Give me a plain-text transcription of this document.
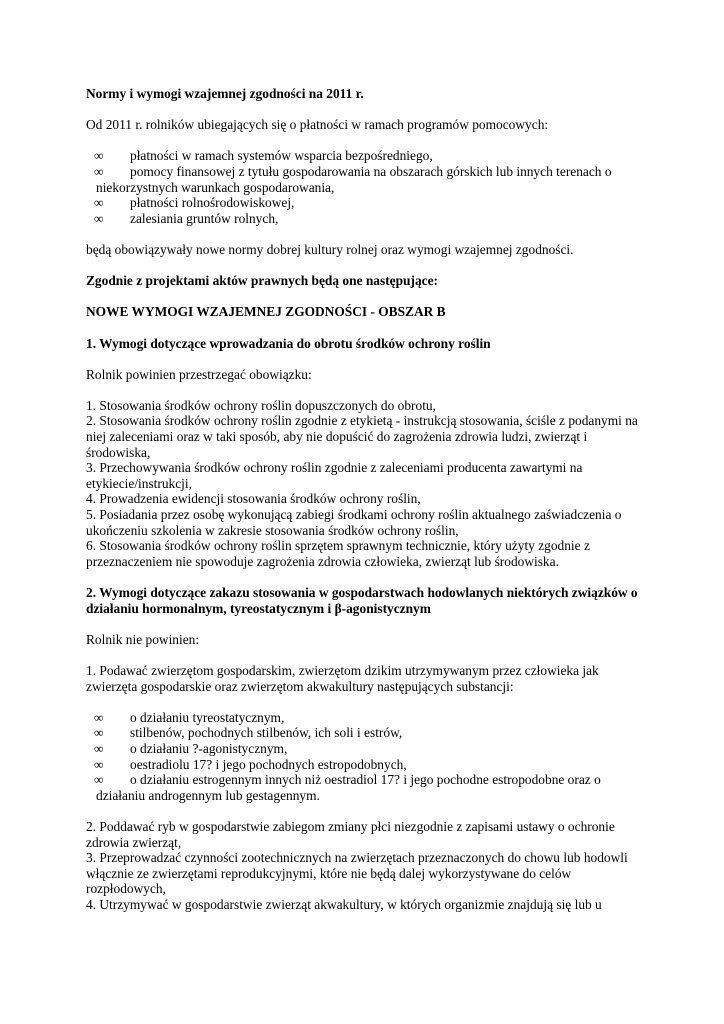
Normy i wymogi wzajemnej zgodności na 2011 r.

Od 2011 r. rolników ubiegających się o płatności w ramach programów pomocowych:

∞ płatności w ramach systemów wsparcia bezpośredniego,

∞ pomocy finansowej z tytułu gospodarowania na obszarach górskich lub innych terenach o niekorzystnych warunkach gospodarowania,

∞ płatności rolnośrodowiskowej,

∞ zalesiania gruntów rolnych,

będą obowiązywały nowe normy dobrej kultury rolnej oraz wymogi wzajemnej zgodności.

Zgodnie z projektami aktów prawnych będą one następujące:

NOWE WYMOGI WZAJEMNEJ ZGODNOŚCI - OBSZAR B

1. Wymogi dotyczące wprowadzania do obrotu środków ochrony roślin

Rolnik powinien przestrzegać obowiązku:

1. Stosowania środków ochrony roślin dopuszczonych do obrotu,

2. Stosowania środków ochrony roślin zgodnie z etykietą - instrukcją stosowania, ściśle z podanymi na niej zaleceniami oraz w taki sposób, aby nie dopuścić do zagrożenia zdrowia ludzi, zwierząt i środowiska,

3. Przechowywania środków ochrony roślin zgodnie z zaleceniami producenta zawartymi na etykiecie/instrukcji,

4. Prowadzenia ewidencji stosowania środków ochrony roślin,

5. Posiadania przez osobę wykonującą zabiegi środkami ochrony roślin aktualnego zaświadczenia o ukończeniu szkolenia w zakresie stosowania środków ochrony roślin,

6. Stosowania środków ochrony roślin sprzętem sprawnym technicznie, który użyty zgodnie z przeznaczeniem nie spowoduje zagrożenia zdrowia człowieka, zwierząt lub środowiska.

2. Wymogi dotyczące zakazu stosowania w gospodarstwach hodowlanych niektórych związków o działaniu hormonalnym, tyreostatycznym i β-agonistycznym

Rolnik nie powinien:

1. Podawać zwierzętom gospodarskim, zwierzętom dzikim utrzymywanym przez człowieka jak zwierzęta gospodarskie oraz zwierzętom akwakultury następujących substancji:

∞ o działaniu tyreostatycznym,

∞ stilbenów, pochodnych stilbenów, ich soli i estrów,

∞ o działaniu ?-agonistycznym,

∞ oestradiolu 17? i jego pochodnych estropodobnych,

∞ o działaniu estrogennym innych niż oestradiol 17? i jego pochodne estropodobne oraz o działaniu androgennym lub gestagennym.

2. Poddawać ryb w gospodarstwie zabiegom zmiany płci niezgodnie z zapisami ustawy o ochronie zdrowia zwierząt,

3. Przeprowadzać czynności zootechnicznych na zwierzętach przeznaczonych do chowu lub hodowli włącznie ze zwierzętami reprodukcyjnymi, które nie będą dalej wykorzystywane do celów rozpłodowych,

4. Utrzymywać w gospodarstwie zwierząt akwakultury, w których organizmie znajdują się lub u
